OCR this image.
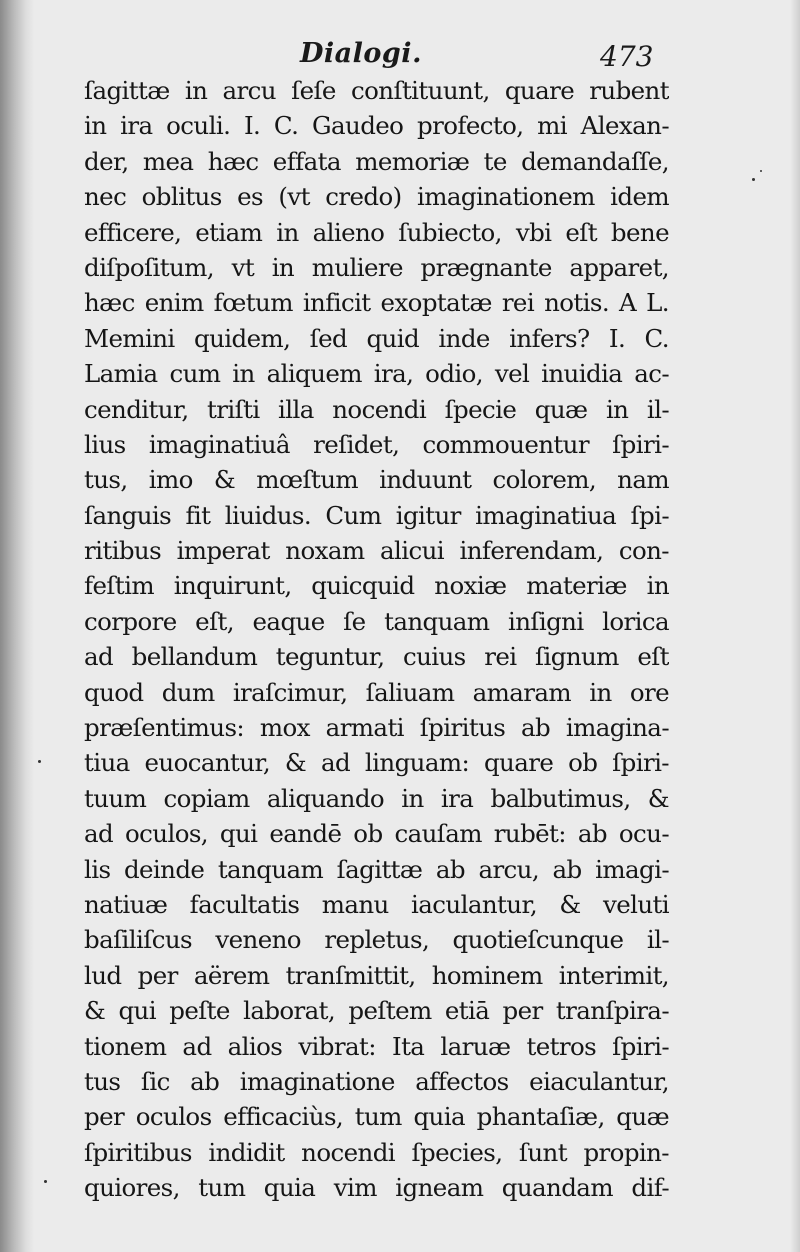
Dialogi.	473
ſagittæ in arcu ſeſe conſtituunt, quare rubent
in ira oculi. I. C. Gaudeo profecto, mi Alexan-
der, mea hæc effata memoriæ te demandaſſe,
nec oblitus es (vt credo) imaginationem idem
efficere, etiam in alieno ſubiecto, vbi eſt bene
diſpoſitum, vt in muliere prægnante apparet,
hæc enim fœtum inficit exoptatæ rei notis. A L.
Memini quidem, ſed quid inde infers? I. C.
Lamia cum in aliquem ira, odio, vel inuidia ac-
cenditur, triſti illa nocendi ſpecie quæ in il-
lius imaginatiuâ reſidet, commouentur ſpiri-
tus, imo & mœſtum induunt colorem, nam
ſanguis fit liuidus. Cum igitur imaginatiua ſpi-
ritibus imperat noxam alicui inferendam, con-
feſtim inquirunt, quicquid noxiæ materiæ in
corpore eſt, eaque ſe tanquam inſigni lorica
ad bellandum teguntur, cuius rei ſignum eſt
quod dum iraſcimur, ſaliuam amaram in ore
præſentimus: mox armati ſpiritus ab imagina-
tiua euocantur, & ad linguam: quare ob ſpiri-
tuum copiam aliquando in ira balbutimus, &
ad oculos, qui eandē ob cauſam rubēt: ab ocu-
lis deinde tanquam ſagittæ ab arcu, ab imagi-
natiuæ facultatis manu iaculantur, & veluti
baſiliſcus veneno repletus, quotieſcunque il-
lud per aërem tranſmittit, hominem interimit,
& qui peſte laborat, peſtem etiā per tranſpira-
tionem ad alios vibrat: Ita laruæ tetros ſpiri-
tus ſic ab imaginatione affectos eiaculantur,
per oculos efficaciùs, tum quia phantaſiæ, quæ
ſpiritibus indidit nocendi ſpecies, ſunt propin-
quiores, tum quia vim igneam quandam dif-
